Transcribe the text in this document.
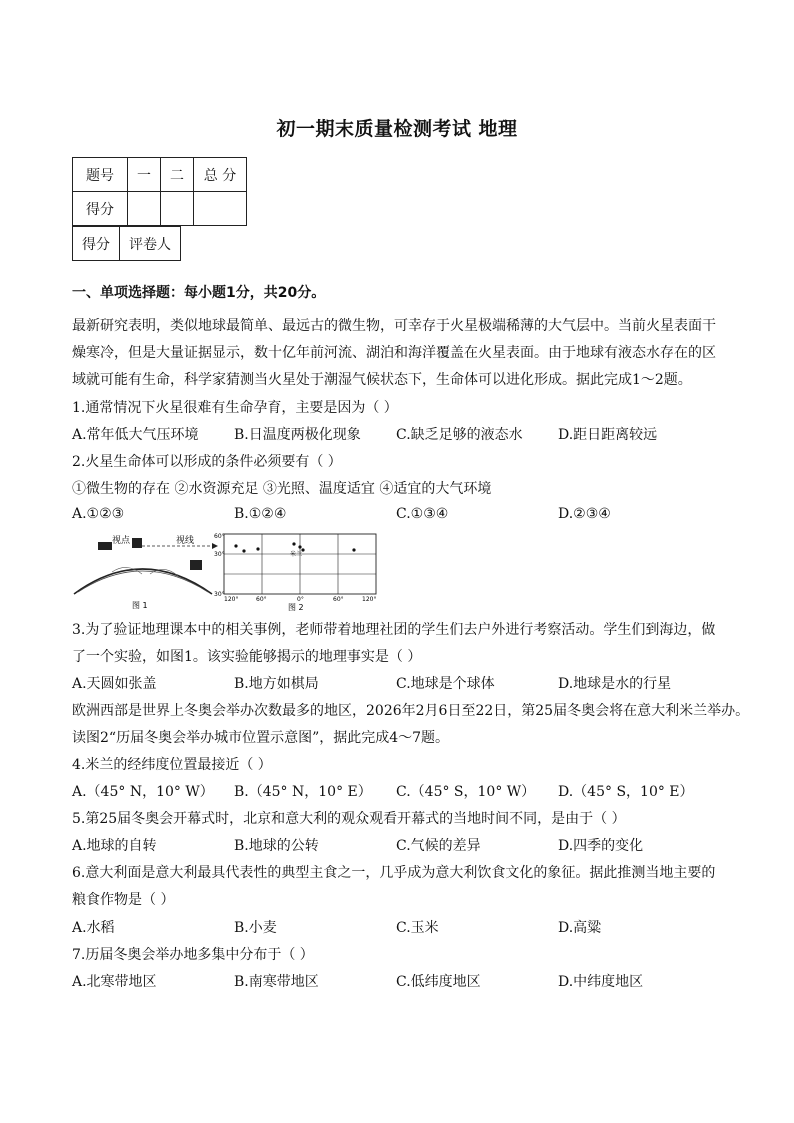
初一期末质量检测考试 地理
题号	一	二	总 分
得分			
得分	评卷人
一、单项选择题：每小题1分，共20分。
最新研究表明，类似地球最简单、最远古的微生物，可幸存于火星极端稀薄的大气层中。当前火星表面干
燥寒冷，但是大量证据显示，数十亿年前河流、湖泊和海洋覆盖在火星表面。由于地球有液态水存在的区
域就可能有生命，科学家猜测当火星处于潮湿气候状态下，生命体可以进化形成。据此完成1～2题。
1.通常情况下火星很难有生命孕育，主要是因为（ ）
A.常年低大气压环境	B.日温度两极化现象	C.缺乏足够的液态水	D.距日距离较远
2.火星生命体可以形成的条件必须要有（ ）
①微生物的存在 ②水资源充足 ③光照、温度适宜 ④适宜的大气环境
A.①②③	B.①②④	C.①③④	D.②③④
视点	视线
图 1
米兰
60°
30°
30°
120°	60°	0°	60°	120°
图 2
3.为了验证地理课本中的相关事例，老师带着地理社团的学生们去户外进行考察活动。学生们到海边，做
了一个实验，如图1。该实验能够揭示的地理事实是（ ）
A.天圆如张盖	B.地方如棋局	C.地球是个球体	D.地球是水的行星
欧洲西部是世界上冬奥会举办次数最多的地区，2026年2月6日至22日，第25届冬奥会将在意大利米兰举办。
读图2“历届冬奥会举办城市位置示意图”，据此完成4～7题。
4.米兰的经纬度位置最接近（ ）
A.（45° N，10° W） B.（45° N，10° E） C.（45° S，10° W） D.（45° S，10° E）
5.第25届冬奥会开幕式时，北京和意大利的观众观看开幕式的当地时间不同，是由于（ ）
A.地球的自转	B.地球的公转	C.气候的差异	D.四季的变化
6.意大利面是意大利最具代表性的典型主食之一，几乎成为意大利饮食文化的象征。据此推测当地主要的
粮食作物是（ ）
A.水稻	B.小麦	C.玉米	D.高粱
7.历届冬奥会举办地多集中分布于（ ）
A.北寒带地区	B.南寒带地区	C.低纬度地区	D.中纬度地区
